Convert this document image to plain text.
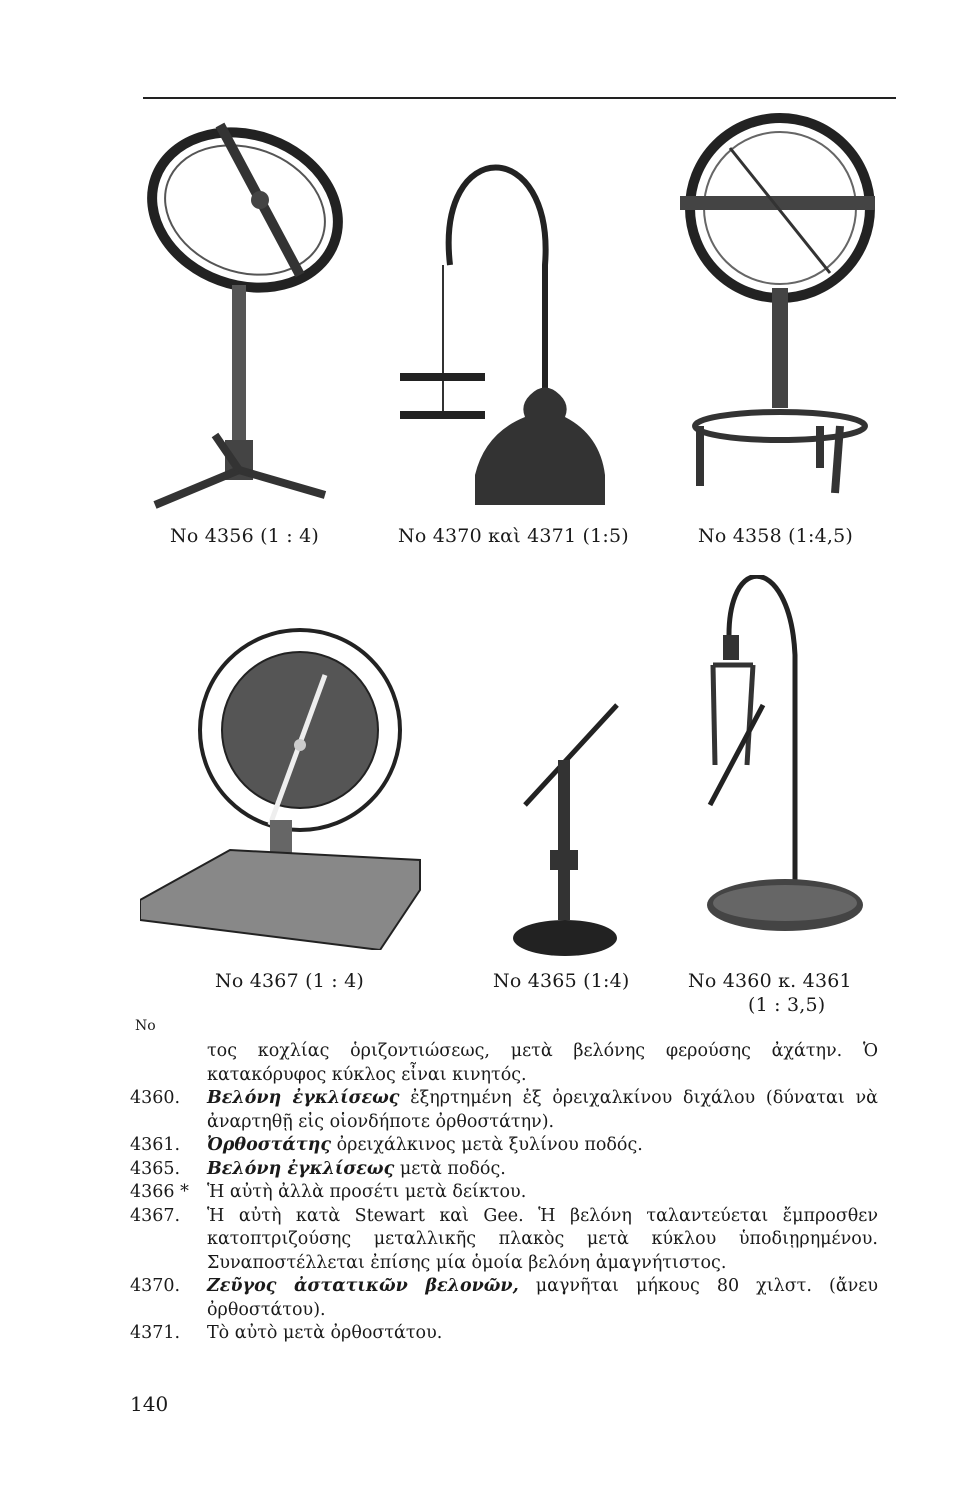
No 4356 (1 : 4)	No 4370 καὶ 4371 (1:5)	No 4358 (1:4,5)
No 4367 (1 : 4)	No 4365 (1:4)	No 4360 κ. 4361
(1 : 3,5)
No
τος κοχλίας ὁριζοντιώσεως, μετὰ βελόνης φερούσης ἀχάτην. Ὁ κατακόρυφος κύκλος εἶναι κινητός.
4360.	Βελόνη ἐγκλίσεως ἐξηρτημένη ἐξ ὀρειχαλκίνου διχάλου (δύναται νὰ ἀναρτηθῇ εἰς οἱονδήποτε ὀρθοστάτην).
4361.	Ὀρθοστάτης ὀρειχάλκινος μετὰ ξυλίνου ποδός.
4365.	Βελόνη ἐγκλίσεως μετὰ ποδός.
4366 *	Ἡ αὐτὴ ἀλλὰ προσέτι μετὰ δείκτου.
4367.	Ἡ αὐτὴ κατὰ Stewart καὶ Gee. Ἡ βελόνη ταλαντεύεται ἔμπροσθεν κατοπτριζούσης μεταλλικῆς πλακὸς μετὰ κύκλου ὑποδιῃρημένου. Συναποστέλλεται ἐπίσης μία ὁμοία βελόνη ἀμαγνήτιστος.
4370.	Ζεῦγος ἀστατικῶν βελονῶν, μαγνῆται μήκους 80 χιλστ. (ἄνευ ὀρθοστάτου).
4371.	Τὸ αὐτὸ μετὰ ὀρθοστάτου.
140
